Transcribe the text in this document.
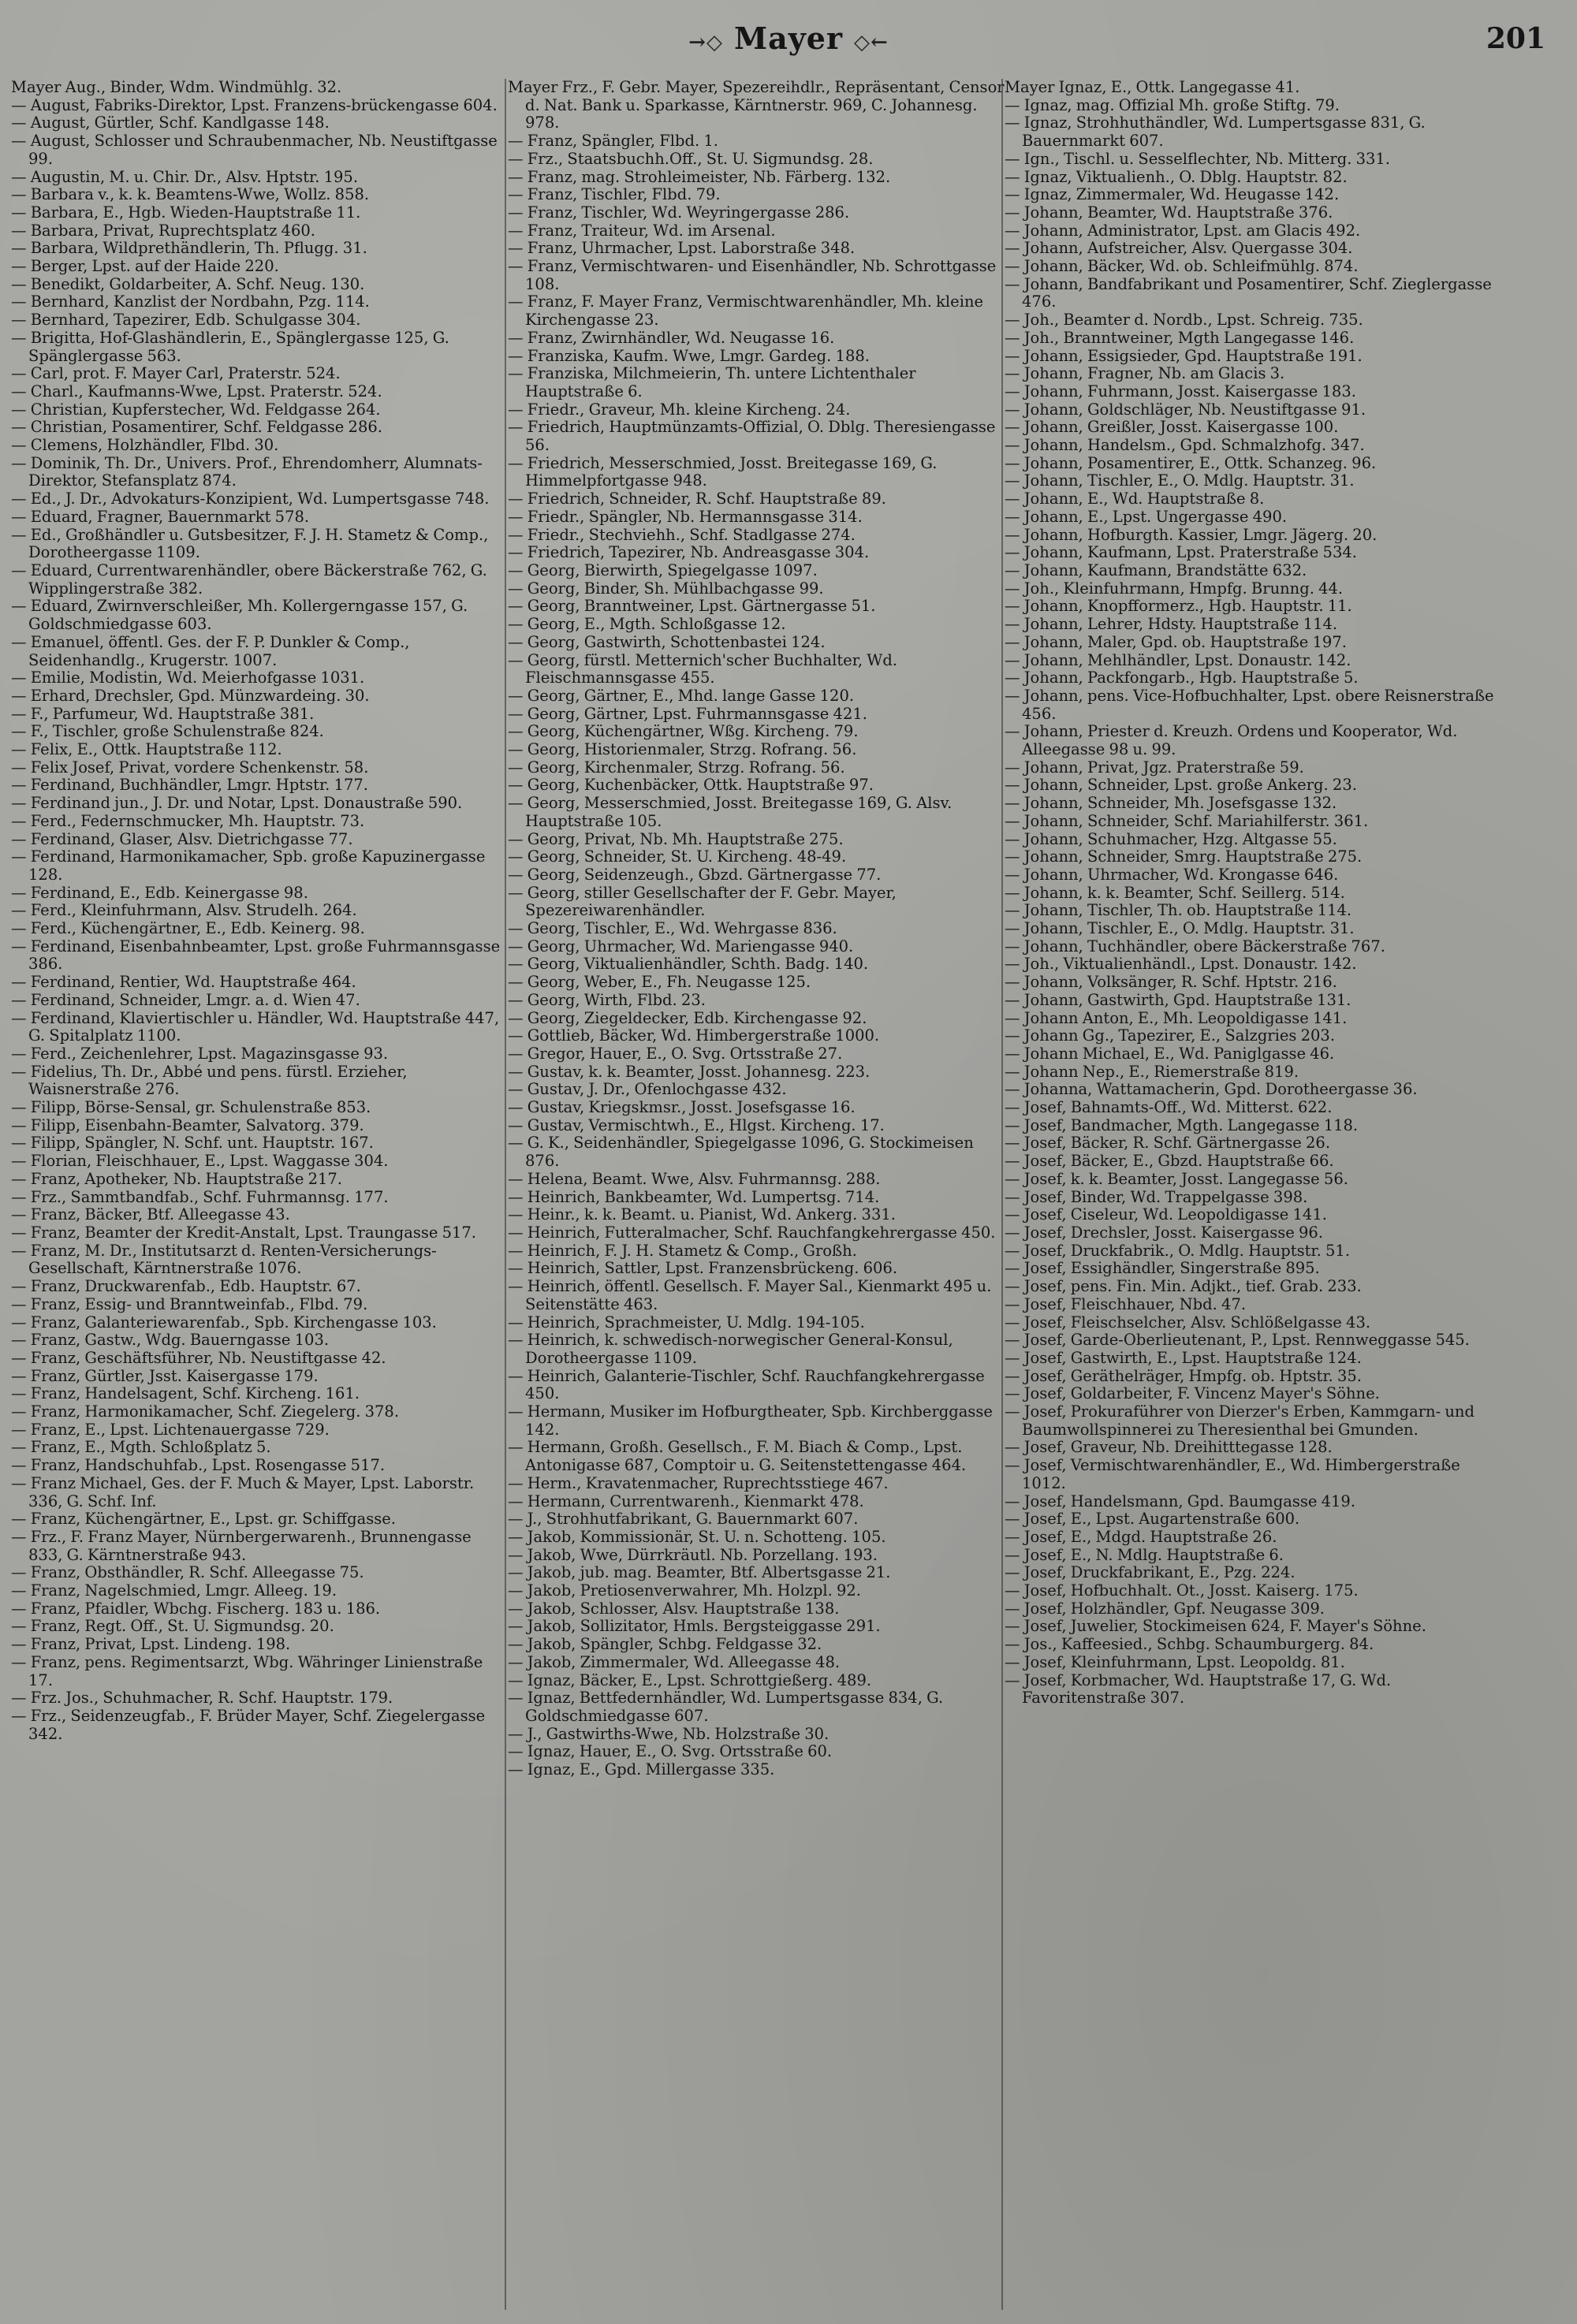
→◇ Mayer ◇←	201
Mayer Aug., Binder, Wdm. Windmühlg. 32.
— August, Fabriks-Direktor, Lpst. Franzens-brückengasse 604.
— August, Gürtler, Schf. Kandlgasse 148.
— August, Schlosser und Schraubenmacher, Nb. Neustiftgasse 99.
— Augustin, M. u. Chir. Dr., Alsv. Hptstr. 195.
— Barbara v., k. k. Beamtens-Wwe, Wollz. 858.
— Barbara, E., Hgb. Wieden-Hauptstraße 11.
— Barbara, Privat, Ruprechtsplatz 460.
— Barbara, Wildprethändlerin, Th. Pflugg. 31.
— Berger, Lpst. auf der Haide 220.
— Benedikt, Goldarbeiter, A. Schf. Neug. 130.
— Bernhard, Kanzlist der Nordbahn, Pzg. 114.
— Bernhard, Tapezirer, Edb. Schulgasse 304.
— Brigitta, Hof-Glashändlerin, E., Spänglergasse 125, G. Spänglergasse 563.
— Carl, prot. F. Mayer Carl, Praterstr. 524.
— Charl., Kaufmanns-Wwe, Lpst. Praterstr. 524.
— Christian, Kupferstecher, Wd. Feldgasse 264.
— Christian, Posamentirer, Schf. Feldgasse 286.
— Clemens, Holzhändler, Flbd. 30.
— Dominik, Th. Dr., Univers. Prof., Ehrendomherr, Alumnats-Direktor, Stefansplatz 874.
— Ed., J. Dr., Advokaturs-Konzipient, Wd. Lumpertsgasse 748.
— Eduard, Fragner, Bauernmarkt 578.
— Ed., Großhändler u. Gutsbesitzer, F. J. H. Stametz & Comp., Dorotheergasse 1109.
— Eduard, Currentwarenhändler, obere Bäckerstraße 762, G. Wipplingerstraße 382.
— Eduard, Zwirnverschleißer, Mh. Kollergerngasse 157, G. Goldschmiedgasse 603.
— Emanuel, öffentl. Ges. der F. P. Dunkler & Comp., Seidenhandlg., Krugerstr. 1007.
— Emilie, Modistin, Wd. Meierhofgasse 1031.
— Erhard, Drechsler, Gpd. Münzwardeing. 30.
— F., Parfumeur, Wd. Hauptstraße 381.
— F., Tischler, große Schulenstraße 824.
— Felix, E., Ottk. Hauptstraße 112.
— Felix Josef, Privat, vordere Schenkenstr. 58.
— Ferdinand, Buchhändler, Lmgr. Hptstr. 177.
— Ferdinand jun., J. Dr. und Notar, Lpst. Donaustraße 590.
— Ferd., Federnschmucker, Mh. Hauptstr. 73.
— Ferdinand, Glaser, Alsv. Dietrichgasse 77.
— Ferdinand, Harmonikamacher, Spb. große Kapuzinergasse 128.
— Ferdinand, E., Edb. Keinergasse 98.
— Ferd., Kleinfuhrmann, Alsv. Strudelh. 264.
— Ferd., Küchengärtner, E., Edb. Keinerg. 98.
— Ferdinand, Eisenbahnbeamter, Lpst. große Fuhrmannsgasse 386.
— Ferdinand, Rentier, Wd. Hauptstraße 464.
— Ferdinand, Schneider, Lmgr. a. d. Wien 47.
— Ferdinand, Klaviertischler u. Händler, Wd. Hauptstraße 447, G. Spitalplatz 1100.
— Ferd., Zeichenlehrer, Lpst. Magazinsgasse 93.
— Fidelius, Th. Dr., Abbé und pens. fürstl. Erzieher, Waisnerstraße 276.
— Filipp, Börse-Sensal, gr. Schulenstraße 853.
— Filipp, Eisenbahn-Beamter, Salvatorg. 379.
— Filipp, Spängler, N. Schf. unt. Hauptstr. 167.
— Florian, Fleischhauer, E., Lpst. Waggasse 304.
— Franz, Apotheker, Nb. Hauptstraße 217.
— Frz., Sammtbandfab., Schf. Fuhrmannsg. 177.
— Franz, Bäcker, Btf. Alleegasse 43.
— Franz, Beamter der Kredit-Anstalt, Lpst. Traungasse 517.
— Franz, M. Dr., Institutsarzt d. Renten-Versicherungs-Gesellschaft, Kärntnerstraße 1076.
— Franz, Druckwarenfab., Edb. Hauptstr. 67.
— Franz, Essig- und Branntweinfab., Flbd. 79.
— Franz, Galanteriewarenfab., Spb. Kirchengasse 103.
— Franz, Gastw., Wdg. Bauerngasse 103.
— Franz, Geschäftsführer, Nb. Neustiftgasse 42.
— Franz, Gürtler, Jsst. Kaisergasse 179.
— Franz, Handelsagent, Schf. Kircheng. 161.
— Franz, Harmonikamacher, Schf. Ziegelerg. 378.
— Franz, E., Lpst. Lichtenauergasse 729.
— Franz, E., Mgth. Schloßplatz 5.
— Franz, Handschuhfab., Lpst. Rosengasse 517.
— Franz Michael, Ges. der F. Much & Mayer, Lpst. Laborstr. 336, G. Schf. Inf.
— Franz, Küchengärtner, E., Lpst. gr. Schiffgasse.
— Frz., F. Franz Mayer, Nürnbergerwarenh., Brunnengasse 833, G. Kärntnerstraße 943.
— Franz, Obsthändler, R. Schf. Alleegasse 75.
— Franz, Nagelschmied, Lmgr. Alleeg. 19.
— Franz, Pfaidler, Wbchg. Fischerg. 183 u. 186.
— Franz, Regt. Off., St. U. Sigmundsg. 20.
— Franz, Privat, Lpst. Lindeng. 198.
— Franz, pens. Regimentsarzt, Wbg. Währinger Linienstraße 17.
— Frz. Jos., Schuhmacher, R. Schf. Hauptstr. 179.
— Frz., Seidenzeugfab., F. Brüder Mayer, Schf. Ziegelergasse 342.
Mayer Frz., F. Gebr. Mayer, Spezereihdlr., Repräsentant, Censor d. Nat. Bank u. Sparkasse, Kärntnerstr. 969, C. Johannesg. 978.
— Franz, Spängler, Flbd. 1.
— Frz., Staatsbuchh.Off., St. U. Sigmundsg. 28.
— Franz, mag. Strohleimeister, Nb. Färberg. 132.
— Franz, Tischler, Flbd. 79.
— Franz, Tischler, Wd. Weyringergasse 286.
— Franz, Traiteur, Wd. im Arsenal.
— Franz, Uhrmacher, Lpst. Laborstraße 348.
— Franz, Vermischtwaren- und Eisenhändler, Nb. Schrottgasse 108.
— Franz, F. Mayer Franz, Vermischtwarenhändler, Mh. kleine Kirchengasse 23.
— Franz, Zwirnhändler, Wd. Neugasse 16.
— Franziska, Kaufm. Wwe, Lmgr. Gardeg. 188.
— Franziska, Milchmeierin, Th. untere Lichtenthaler Hauptstraße 6.
— Friedr., Graveur, Mh. kleine Kircheng. 24.
— Friedrich, Hauptmünzamts-Offizial, O. Dblg. Theresiengasse 56.
— Friedrich, Messerschmied, Josst. Breitegasse 169, G. Himmelpfortgasse 948.
— Friedrich, Schneider, R. Schf. Hauptstraße 89.
— Friedr., Spängler, Nb. Hermannsgasse 314.
— Friedr., Stechviehh., Schf. Stadlgasse 274.
— Friedrich, Tapezirer, Nb. Andreasgasse 304.
— Georg, Bierwirth, Spiegelgasse 1097.
— Georg, Binder, Sh. Mühlbachgasse 99.
— Georg, Branntweiner, Lpst. Gärtnergasse 51.
— Georg, E., Mgth. Schloßgasse 12.
— Georg, Gastwirth, Schottenbastei 124.
— Georg, fürstl. Metternich'scher Buchhalter, Wd. Fleischmannsgasse 455.
— Georg, Gärtner, E., Mhd. lange Gasse 120.
— Georg, Gärtner, Lpst. Fuhrmannsgasse 421.
— Georg, Küchengärtner, Wßg. Kircheng. 79.
— Georg, Historienmaler, Strzg. Rofrang. 56.
— Georg, Kirchenmaler, Strzg. Rofrang. 56.
— Georg, Kuchenbäcker, Ottk. Hauptstraße 97.
— Georg, Messerschmied, Josst. Breitegasse 169, G. Alsv. Hauptstraße 105.
— Georg, Privat, Nb. Mh. Hauptstraße 275.
— Georg, Schneider, St. U. Kircheng. 48-49.
— Georg, Seidenzeugh., Gbzd. Gärtnergasse 77.
— Georg, stiller Gesellschafter der F. Gebr. Mayer, Spezereiwarenhändler.
— Georg, Tischler, E., Wd. Wehrgasse 836.
— Georg, Uhrmacher, Wd. Mariengasse 940.
— Georg, Viktualienhändler, Schth. Badg. 140.
— Georg, Weber, E., Fh. Neugasse 125.
— Georg, Wirth, Flbd. 23.
— Georg, Ziegeldecker, Edb. Kirchengasse 92.
— Gottlieb, Bäcker, Wd. Himbergerstraße 1000.
— Gregor, Hauer, E., O. Svg. Ortsstraße 27.
— Gustav, k. k. Beamter, Josst. Johannesg. 223.
— Gustav, J. Dr., Ofenlochgasse 432.
— Gustav, Kriegskmsr., Josst. Josefsgasse 16.
— Gustav, Vermischtwh., E., Hlgst. Kircheng. 17.
— G. K., Seidenhändler, Spiegelgasse 1096, G. Stockimeisen 876.
— Helena, Beamt. Wwe, Alsv. Fuhrmannsg. 288.
— Heinrich, Bankbeamter, Wd. Lumpertsg. 714.
— Heinr., k. k. Beamt. u. Pianist, Wd. Ankerg. 331.
— Heinrich, Futteralmacher, Schf. Rauchfangkehrergasse 450.
— Heinrich, F. J. H. Stametz & Comp., Großh.
— Heinrich, Sattler, Lpst. Franzensbrückeng. 606.
— Heinrich, öffentl. Gesellsch. F. Mayer Sal., Kienmarkt 495 u. Seitenstätte 463.
— Heinrich, Sprachmeister, U. Mdlg. 194-105.
— Heinrich, k. schwedisch-norwegischer General-Konsul, Dorotheergasse 1109.
— Heinrich, Galanterie-Tischler, Schf. Rauchfangkehrergasse 450.
— Hermann, Musiker im Hofburgtheater, Spb. Kirchberggasse 142.
— Hermann, Großh. Gesellsch., F. M. Biach & Comp., Lpst. Antonigasse 687, Comptoir u. G. Seitenstettengasse 464.
— Herm., Kravatenmacher, Ruprechtsstiege 467.
— Hermann, Currentwarenh., Kienmarkt 478.
— J., Strohhutfabrikant, G. Bauernmarkt 607.
— Jakob, Kommissionär, St. U. n. Schotteng. 105.
— Jakob, Wwe, Dürrkräutl. Nb. Porzellang. 193.
— Jakob, jub. mag. Beamter, Btf. Albertsgasse 21.
— Jakob, Pretiosenverwahrer, Mh. Holzpl. 92.
— Jakob, Schlosser, Alsv. Hauptstraße 138.
— Jakob, Sollizitator, Hmls. Bergsteiggasse 291.
— Jakob, Spängler, Schbg. Feldgasse 32.
— Jakob, Zimmermaler, Wd. Alleegasse 48.
— Ignaz, Bäcker, E., Lpst. Schrottgießerg. 489.
— Ignaz, Bettfedernhändler, Wd. Lumpertsgasse 834, G. Goldschmiedgasse 607.
— J., Gastwirths-Wwe, Nb. Holzstraße 30.
— Ignaz, Hauer, E., O. Svg. Ortsstraße 60.
— Ignaz, E., Gpd. Millergasse 335.
Mayer Ignaz, E., Ottk. Langegasse 41.
— Ignaz, mag. Offizial Mh. große Stiftg. 79.
— Ignaz, Strohhuthändler, Wd. Lumpertsgasse 831, G. Bauernmarkt 607.
— Ign., Tischl. u. Sesselflechter, Nb. Mitterg. 331.
— Ignaz, Viktualienh., O. Dblg. Hauptstr. 82.
— Ignaz, Zimmermaler, Wd. Heugasse 142.
— Johann, Beamter, Wd. Hauptstraße 376.
— Johann, Administrator, Lpst. am Glacis 492.
— Johann, Aufstreicher, Alsv. Quergasse 304.
— Johann, Bäcker, Wd. ob. Schleifmühlg. 874.
— Johann, Bandfabrikant und Posamentirer, Schf. Zieglergasse 476.
— Joh., Beamter d. Nordb., Lpst. Schreig. 735.
— Joh., Branntweiner, Mgth Langegasse 146.
— Johann, Essigsieder, Gpd. Hauptstraße 191.
— Johann, Fragner, Nb. am Glacis 3.
— Johann, Fuhrmann, Josst. Kaisergasse 183.
— Johann, Goldschläger, Nb. Neustiftgasse 91.
— Johann, Greißler, Josst. Kaisergasse 100.
— Johann, Handelsm., Gpd. Schmalzhofg. 347.
— Johann, Posamentirer, E., Ottk. Schanzeg. 96.
— Johann, Tischler, E., O. Mdlg. Hauptstr. 31.
— Johann, E., Wd. Hauptstraße 8.
— Johann, E., Lpst. Ungergasse 490.
— Johann, Hofburgth. Kassier, Lmgr. Jägerg. 20.
— Johann, Kaufmann, Lpst. Praterstraße 534.
— Johann, Kaufmann, Brandstätte 632.
— Joh., Kleinfuhrmann, Hmpfg. Brunng. 44.
— Johann, Knopfformerz., Hgb. Hauptstr. 11.
— Johann, Lehrer, Hdsty. Hauptstraße 114.
— Johann, Maler, Gpd. ob. Hauptstraße 197.
— Johann, Mehlhändler, Lpst. Donaustr. 142.
— Johann, Packfongarb., Hgb. Hauptstraße 5.
— Johann, pens. Vice-Hofbuchhalter, Lpst. obere Reisnerstraße 456.
— Johann, Priester d. Kreuzh. Ordens und Kooperator, Wd. Alleegasse 98 u. 99.
— Johann, Privat, Jgz. Praterstraße 59.
— Johann, Schneider, Lpst. große Ankerg. 23.
— Johann, Schneider, Mh. Josefsgasse 132.
— Johann, Schneider, Schf. Mariahilferstr. 361.
— Johann, Schuhmacher, Hzg. Altgasse 55.
— Johann, Schneider, Smrg. Hauptstraße 275.
— Johann, Uhrmacher, Wd. Krongasse 646.
— Johann, k. k. Beamter, Schf. Seillerg. 514.
— Johann, Tischler, Th. ob. Hauptstraße 114.
— Johann, Tischler, E., O. Mdlg. Hauptstr. 31.
— Johann, Tuchhändler, obere Bäckerstraße 767.
— Joh., Viktualienhändl., Lpst. Donaustr. 142.
— Johann, Volksänger, R. Schf. Hptstr. 216.
— Johann, Gastwirth, Gpd. Hauptstraße 131.
— Johann Anton, E., Mh. Leopoldigasse 141.
— Johann Gg., Tapezirer, E., Salzgries 203.
— Johann Michael, E., Wd. Paniglgasse 46.
— Johann Nep., E., Riemerstraße 819.
— Johanna, Wattamacherin, Gpd. Dorotheergasse 36.
— Josef, Bahnamts-Off., Wd. Mitterst. 622.
— Josef, Bandmacher, Mgth. Langegasse 118.
— Josef, Bäcker, R. Schf. Gärtnergasse 26.
— Josef, Bäcker, E., Gbzd. Hauptstraße 66.
— Josef, k. k. Beamter, Josst. Langegasse 56.
— Josef, Binder, Wd. Trappelgasse 398.
— Josef, Ciseleur, Wd. Leopoldigasse 141.
— Josef, Drechsler, Josst. Kaisergasse 96.
— Josef, Druckfabrik., O. Mdlg. Hauptstr. 51.
— Josef, Essighändler, Singerstraße 895.
— Josef, pens. Fin. Min. Adjkt., tief. Grab. 233.
— Josef, Fleischhauer, Nbd. 47.
— Josef, Fleischselcher, Alsv. Schlößelgasse 43.
— Josef, Garde-Oberlieutenant, P., Lpst. Rennweggasse 545.
— Josef, Gastwirth, E., Lpst. Hauptstraße 124.
— Josef, Geräthelräger, Hmpfg. ob. Hptstr. 35.
— Josef, Goldarbeiter, F. Vincenz Mayer's Söhne.
— Josef, Prokuraführer von Dierzer's Erben, Kammgarn- und Baumwollspinnerei zu Theresienthal bei Gmunden.
— Josef, Graveur, Nb. Dreihitttegasse 128.
— Josef, Vermischtwarenhändler, E., Wd. Himbergerstraße 1012.
— Josef, Handelsmann, Gpd. Baumgasse 419.
— Josef, E., Lpst. Augartenstraße 600.
— Josef, E., Mdgd. Hauptstraße 26.
— Josef, E., N. Mdlg. Hauptstraße 6.
— Josef, Druckfabrikant, E., Pzg. 224.
— Josef, Hofbuchhalt. Ot., Josst. Kaiserg. 175.
— Josef, Holzhändler, Gpf. Neugasse 309.
— Josef, Juwelier, Stockimeisen 624, F. Mayer's Söhne.
— Jos., Kaffeesied., Schbg. Schaumburgerg. 84.
— Josef, Kleinfuhrmann, Lpst. Leopoldg. 81.
— Josef, Korbmacher, Wd. Hauptstraße 17, G. Wd. Favoritenstraße 307.
